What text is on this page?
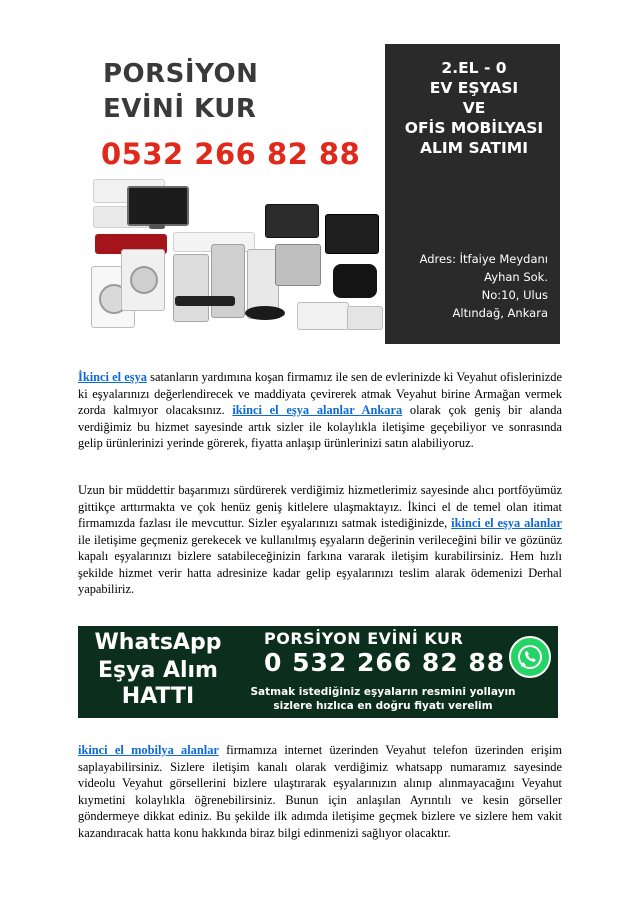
PORSİYON
EVİNİ KUR
0532 266 82 88
2.EL - 0
EV EŞYASI
VE
OFİS MOBİLYASI
ALIM SATIMI
Adres: İtfaiye Meydanı
Ayhan Sok.
No:10, Ulus
Altındağ, Ankara

İkinci el eşya satanların yardımına koşan firmamız ile sen de evlerinizde ki Veyahut ofislerinizde ki eşyalarınızı değerlendirecek ve maddiyata çevirerek atmak Veyahut birine Armağan vermek zorda kalmıyor olacaksınız. ikinci el eşya alanlar Ankara olarak çok geniş bir alanda verdiğimiz bu hizmet sayesinde artık sizler ile kolaylıkla iletişime geçebiliyor ve sonrasında gelip ürünlerinizi yerinde görerek, fiyatta anlaşıp ürünlerinizi satın alabiliyoruz.

Uzun bir müddettir başarımızı sürdürerek verdiğimiz hizmetlerimiz sayesinde alıcı portföyümüz gittikçe arttırmakta ve çok henüz geniş kitlelere ulaşmaktayız. İkinci el de temel olan itimat firmamızda fazlası ile mevcuttur. Sizler eşyalarınızı satmak istediğinizde, ikinci el eşya alanlar ile iletişime geçmeniz gerekecek ve kullanılmış eşyaların değerinin verileceğini bilir ve gözünüz kapalı eşyalarınızı bizlere satabileceğinizin farkına vararak iletişim kurabilirsiniz. Hem hızlı şekilde hizmet verir hatta adresinize kadar gelip eşyalarınızı teslim alarak ödemenizi Derhal yapabiliriz.

WhatsApp
Eşya Alım
HATTI
PORSİYON EVİNİ KUR
0 532 266 82 88
Satmak istediğiniz eşyaların resmini yollayın
sizlere hızlıca en doğru fiyatı verelim

ikinci el mobilya alanlar firmamıza internet üzerinden Veyahut telefon üzerinden erişim saplayabilirsiniz. Sizlere iletişim kanalı olarak verdiğimiz whatsapp numaramız sayesinde videolu Veyahut görsellerini bizlere ulaştırarak eşyalarınızın alınıp alınmayacağını Veyahut kıymetini kolaylıkla öğrenebilirsiniz. Bunun için anlaşılan Ayrıntılı ve kesin görseller göndermeye dikkat ediniz. Bu şekilde ilk adımda iletişime geçmek bizlere ve sizlere hem vakit kazandıracak hatta konu hakkında biraz bilgi edinmenizi sağlıyor olacaktır.
